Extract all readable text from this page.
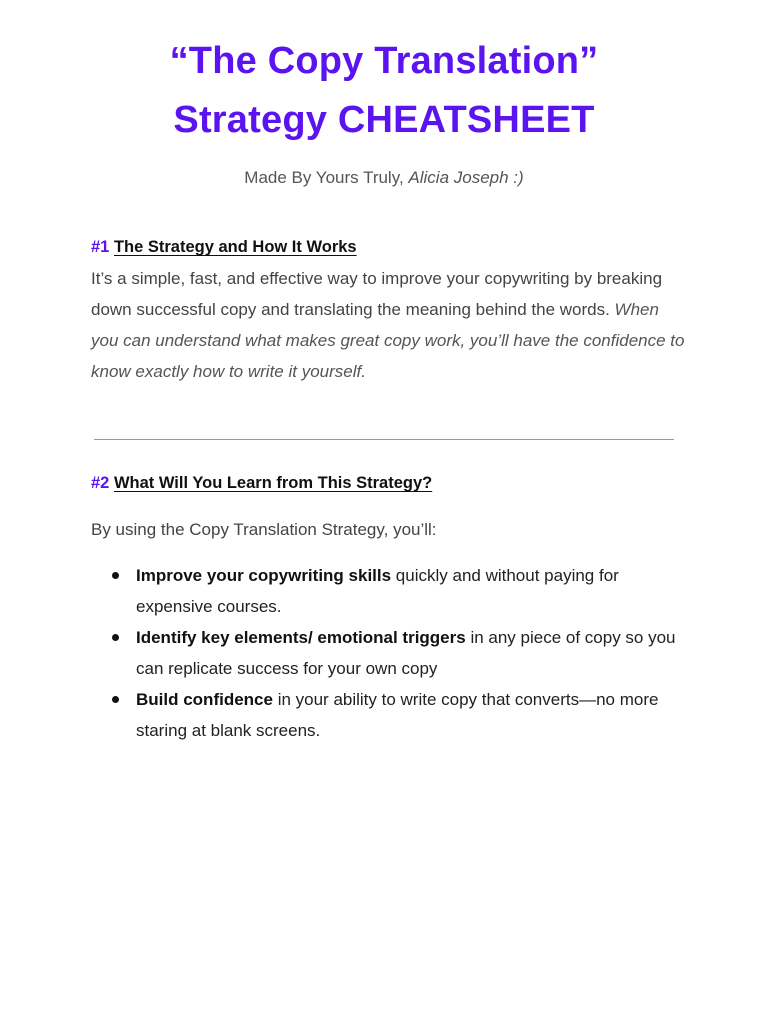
“The Copy Translation”
Strategy CHEATSHEET
Made By Yours Truly, Alicia Joseph :)
#1 The Strategy and How It Works
It’s a simple, fast, and effective way to improve your copywriting by breaking down successful copy and translating the meaning behind the words. When you can understand what makes great copy work, you’ll have the confidence to know exactly how to write it yourself.
#2 What Will You Learn from This Strategy?
By using the Copy Translation Strategy, you’ll:
Improve your copywriting skills quickly and without paying for expensive courses.
Identify key elements/ emotional triggers in any piece of copy so you can replicate success for your own copy
Build confidence in your ability to write copy that converts—no more staring at blank screens.
